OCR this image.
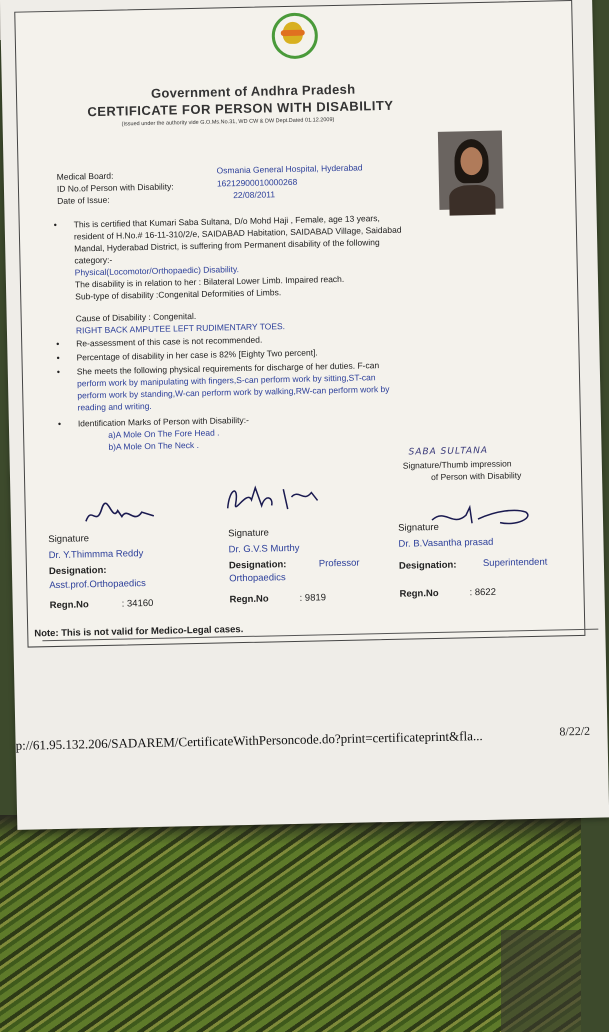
Government of Andhra Pradesh
CERTIFICATE FOR PERSON WITH DISABILITY
(Issued under the authority vide G.O.Ms.No.31, WD CW & DW Dept.Dated 01.12.2009)
Medical Board:
Osmania General Hospital, Hyderabad
ID No.of Person with Disability:	16212900010000268
Date of Issue:
22/08/2011
• This is certified that Kumari Saba Sultana, D/o Mohd Haji , Female, age 13 years,
resident of H.No.# 16-11-310/2/e, SAIDABAD Habitation, SAIDABAD Village, Saidabad
Mandal, Hyderabad District, is suffering from Permanent disability of the following
category:-
Physical(Locomotor/Orthopaedic) Disability.
The disability is in relation to her : Bilateral Lower Limb. Impaired reach.
Sub-type of disability :Congenital Deformities of Limbs.
Cause of Disability : Congenital.
RIGHT BACK AMPUTEE LEFT RUDIMENTARY TOES.
• Re-assessment of this case is not recommended.
• Percentage of disability in her case is 82% [Eighty Two percent].
• She meets the following physical requirements for discharge of her duties. F-can
perform work by manipulating with fingers,S-can perform work by sitting,ST-can
perform work by standing,W-can perform work by walking,RW-can perform work by
reading and writing.
• Identification Marks of Person with Disability:-
a)A Mole On The Fore Head .
b)A Mole On The Neck .	SABA SULTANA
Signature/Thumb impression
of Person with Disability
Signature
Dr. Y.Thimmma Reddy
Designation:
Asst.prof.Orthopaedics
Regn.No	: 34160
Signature
Dr. G.V.S Murthy
Designation:	Professor
Orthopaedics
Regn.No	: 9819
Signature
Dr. B.Vasantha prasad
Designation:	Superintendent
Regn.No	: 8622
Note: This is not valid for Medico-Legal cases.
p://61.95.132.206/SADAREM/CertificateWithPersoncode.do?print=certificateprint&fla...	8/22/2
